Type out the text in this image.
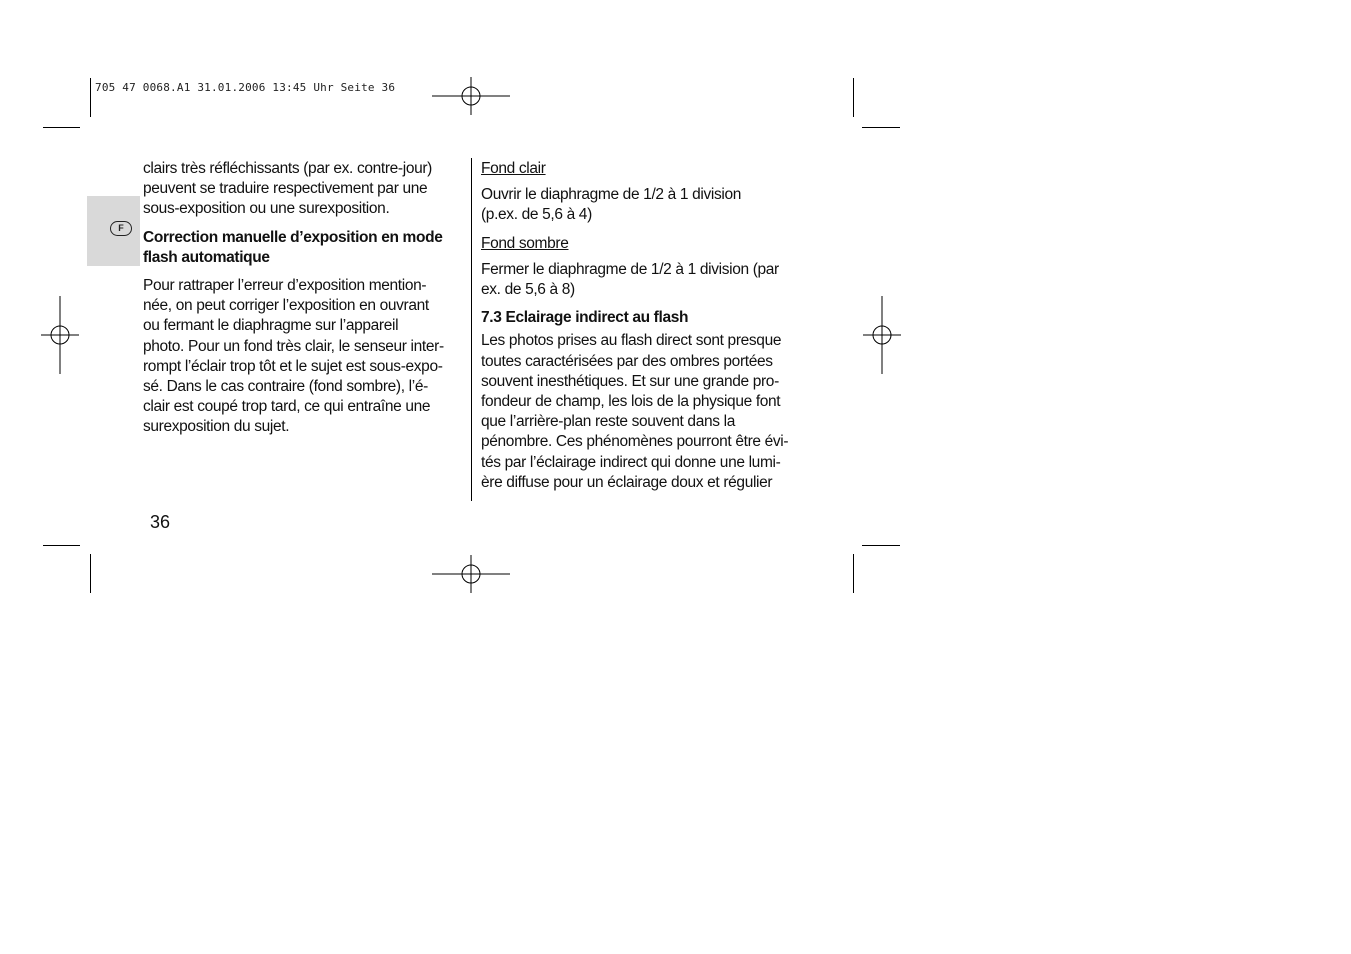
705 47 0068.A1 31.01.2006 13:45 Uhr Seite 36
F

clairs très réfléchissants (par ex. contre-jour)
peuvent se traduire respectivement par une
sous-exposition ou une surexposition.

Correction manuelle d’exposition en mode
flash automatique

Pour rattraper l’erreur d’exposition mention-
née, on peut corriger l’exposition en ouvrant
ou fermant le diaphragme sur l’appareil
photo. Pour un fond très clair, le senseur inter-
rompt l’éclair trop tôt et le sujet est sous-expo-
sé. Dans le cas contraire (fond sombre), l’é-
clair est coupé trop tard, ce qui entraîne une
surexposition du sujet.

Fond clair

Ouvrir le diaphragme de 1/2 à 1 division
(p.ex. de 5,6 à 4)

Fond sombre

Fermer le diaphragme de 1/2 à 1 division (par
ex. de 5,6 à 8)

7.3 Eclairage indirect au flash

Les photos prises au flash direct sont presque
toutes caractérisées par des ombres portées
souvent inesthétiques. Et sur une grande pro-
fondeur de champ, les lois de la physique font
que l’arrière-plan reste souvent dans la
pénombre. Ces phénomènes pourront être évi-
tés par l’éclairage indirect qui donne une lumi-
ère diffuse pour un éclairage doux et régulier

36
